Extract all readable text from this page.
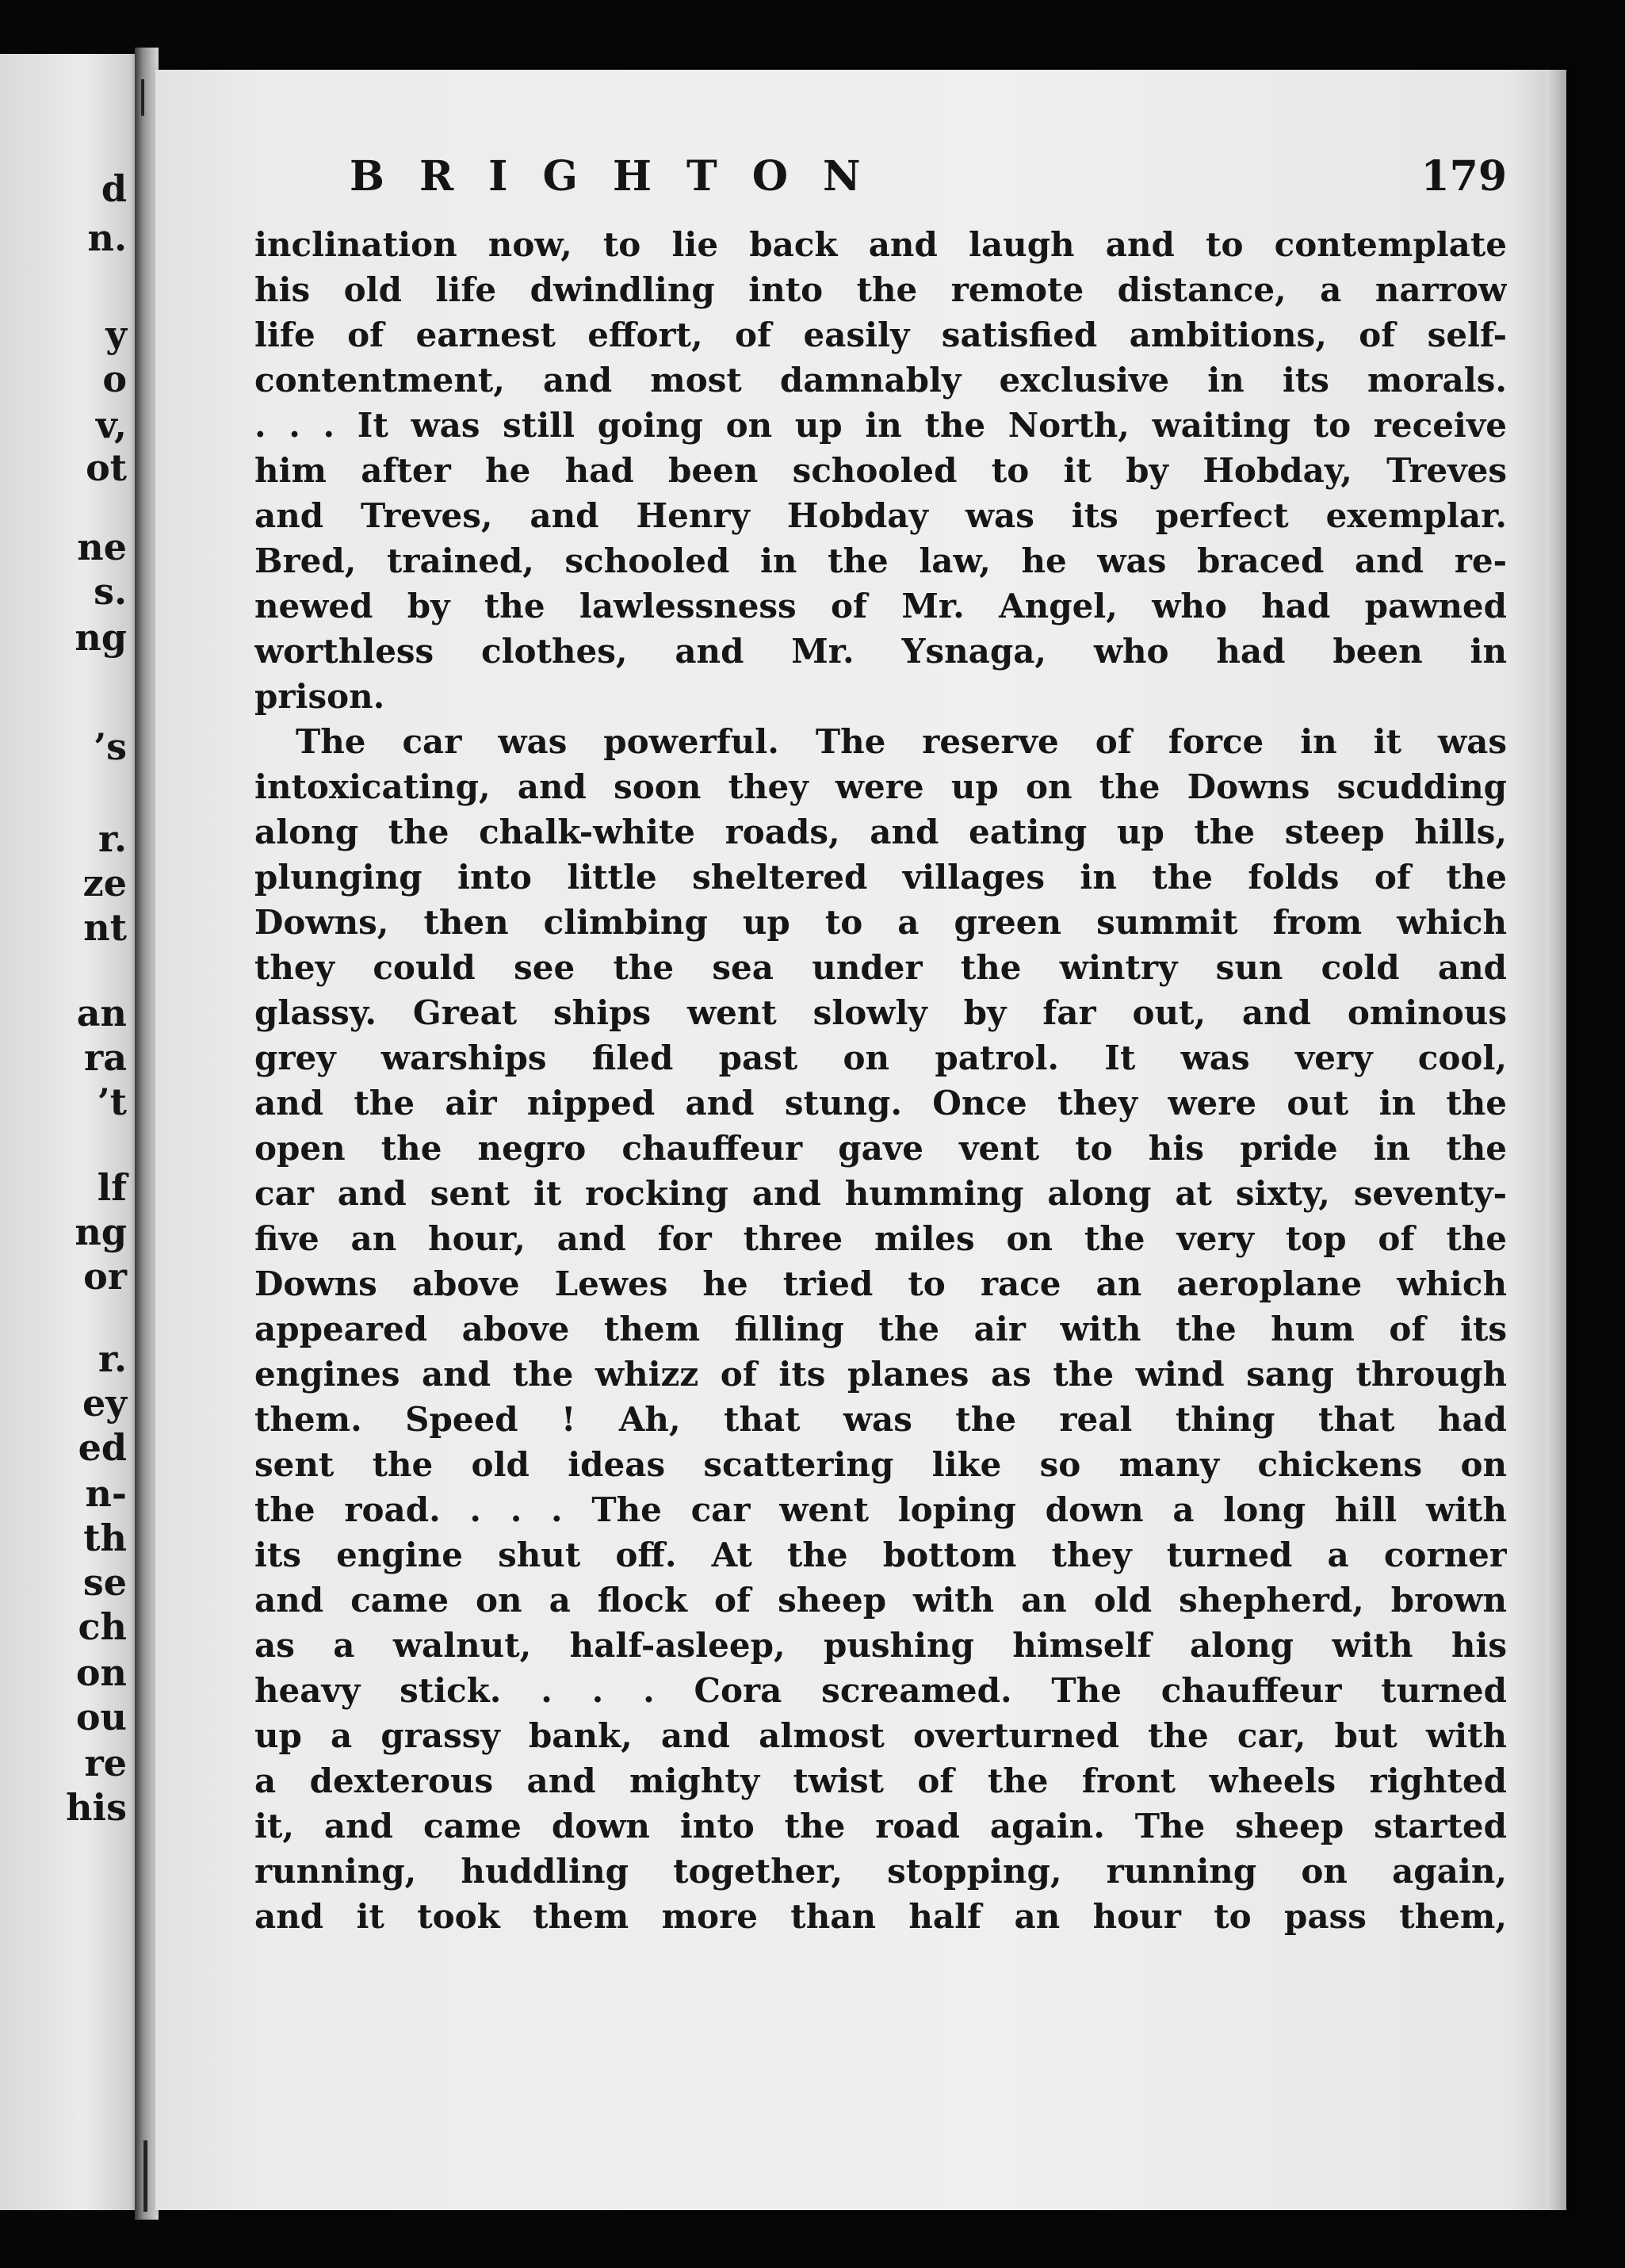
d
n.
y
o
v,
ot
ne
s.
ng
’s
r.
ze
nt
an
ra
’t
lf
ng
or
r.
ey
ed
n-
th
se
ch
on
ou
re
his
BRIGHTON	179
inclination now, to lie back and laugh and to contemplate
his old life dwindling into the remote distance, a narrow
life of earnest effort, of easily satisfied ambitions, of self-
contentment, and most damnably exclusive in its morals.
. . . It was still going on up in the North, waiting to receive
him after he had been schooled to it by Hobday, Treves
and Treves, and Henry Hobday was its perfect exemplar.
Bred, trained, schooled in the law, he was braced and re-
newed by the lawlessness of Mr. Angel, who had pawned
worthless clothes, and Mr. Ysnaga, who had been in
prison.
The car was powerful. The reserve of force in it was
intoxicating, and soon they were up on the Downs scudding
along the chalk-white roads, and eating up the steep hills,
plunging into little sheltered villages in the folds of the
Downs, then climbing up to a green summit from which
they could see the sea under the wintry sun cold and
glassy. Great ships went slowly by far out, and ominous
grey warships filed past on patrol. It was very cool,
and the air nipped and stung. Once they were out in the
open the negro chauffeur gave vent to his pride in the
car and sent it rocking and humming along at sixty, seventy-
five an hour, and for three miles on the very top of the
Downs above Lewes he tried to race an aeroplane which
appeared above them filling the air with the hum of its
engines and the whizz of its planes as the wind sang through
them. Speed ! Ah, that was the real thing that had
sent the old ideas scattering like so many chickens on
the road. . . . The car went loping down a long hill with
its engine shut off. At the bottom they turned a corner
and came on a flock of sheep with an old shepherd, brown
as a walnut, half-asleep, pushing himself along with his
heavy stick. . . . Cora screamed. The chauffeur turned
up a grassy bank, and almost overturned the car, but with
a dexterous and mighty twist of the front wheels righted
it, and came down into the road again. The sheep started
running, huddling together, stopping, running on again,
and it took them more than half an hour to pass them,
